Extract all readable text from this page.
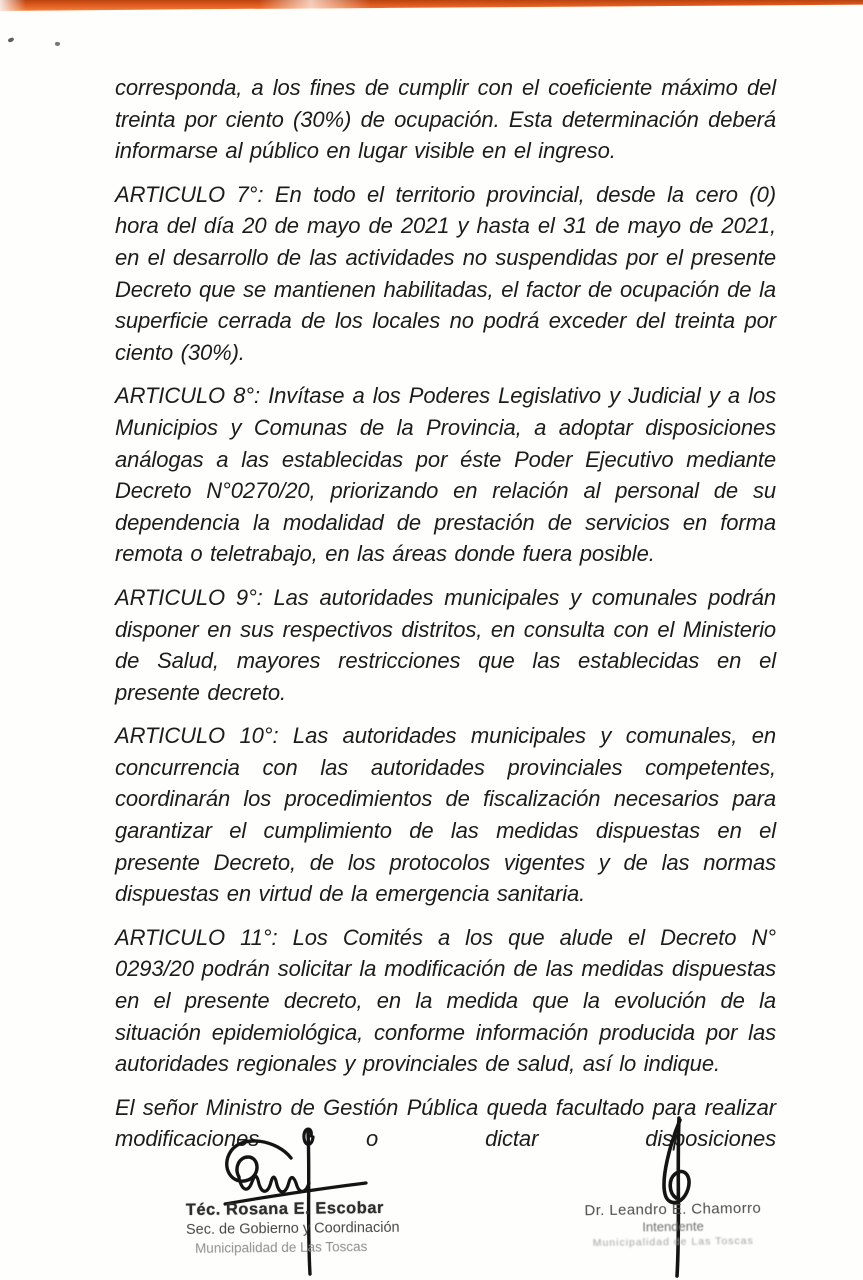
corresponda, a los fines de cumplir con el coeficiente máximo del treinta por ciento (30%) de ocupación. Esta determinación deberá informarse al público en lugar visible en el ingreso.

ARTICULO 7°: En todo el territorio provincial, desde la cero (0) hora del día 20 de mayo de 2021 y hasta el 31 de mayo de 2021, en el desarrollo de las actividades no suspendidas por el presente Decreto que se mantienen habilitadas, el factor de ocupación de la superficie cerrada de los locales no podrá exceder del treinta por ciento (30%).

ARTICULO 8°: Invítase a los Poderes Legislativo y Judicial y a los Municipios y Comunas de la Provincia, a adoptar disposiciones análogas a las establecidas por éste Poder Ejecutivo mediante Decreto N°0270/20, priorizando en relación al personal de su dependencia la modalidad de prestación de servicios en forma remota o teletrabajo, en las áreas donde fuera posible.

ARTICULO 9°: Las autoridades municipales y comunales podrán disponer en sus respectivos distritos, en consulta con el Ministerio de Salud, mayores restricciones que las establecidas en el presente decreto.

ARTICULO 10°: Las autoridades municipales y comunales, en concurrencia con las autoridades provinciales competentes, coordinarán los procedimientos de fiscalización necesarios para garantizar el cumplimiento de las medidas dispuestas en el presente Decreto, de los protocolos vigentes y de las normas dispuestas en virtud de la emergencia sanitaria.

ARTICULO 11°: Los Comités a los que alude el Decreto N° 0293/20 podrán solicitar la modificación de las medidas dispuestas en el presente decreto, en la medida que la evolución de la situación epidemiológica, conforme información producida por las autoridades regionales y provinciales de salud, así lo indique.

El señor Ministro de Gestión Pública queda facultado para realizar modificaciones o dictar disposiciones

Téc. Rosana E. Escobar
Sec. de Gobierno y Coordinación
Municipalidad de Las Toscas
Dr. Leandro E. Chamorro
Intendente
Municipalidad de Las Toscas
